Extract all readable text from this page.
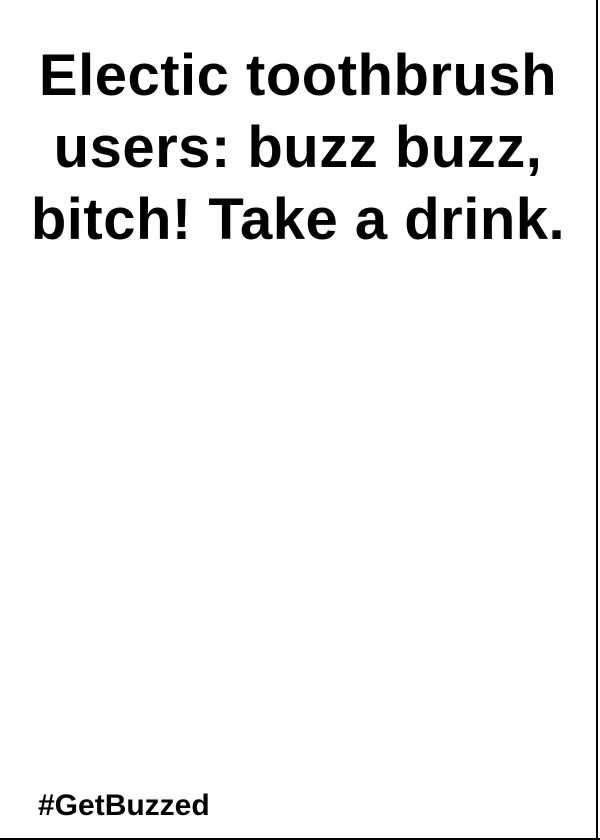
Electic toothbrush users: buzz buzz, bitch! Take a drink.

#GetBuzzed
